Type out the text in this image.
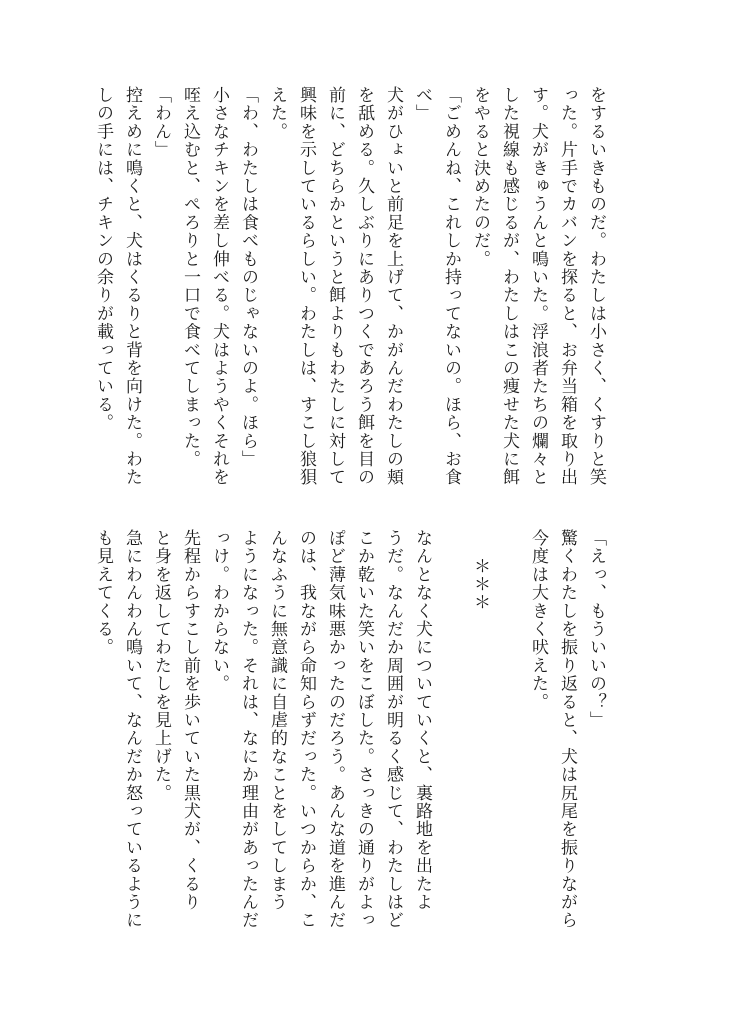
をするいきものだ。わたしは小さく、くすりと笑
った。片手でカバンを探ると、お弁当箱を取り出
す。犬がきゅうんと鳴いた。浮浪者たちの爛々と
した視線も感じるが、わたしはこの痩せた犬に餌
をやると決めたのだ。
「ごめんね、これしか持ってないの。ほら、お食
べ」
犬がひょいと前足を上げて、かがんだわたしの頬
を舐める。久しぶりにありつくであろう餌を目の
前に、どちらかというと餌よりもわたしに対して
興味を示しているらしい。わたしは、すこし狼狽
えた。
「わ、わたしは食べものじゃないのよ。ほら」
小さなチキンを差し伸べる。犬はようやくそれを
咥え込むと、ぺろりと一口で食べてしまった。
「わん」
控えめに鳴くと、犬はくるりと背を向けた。わた
しの手には、チキンの余りが載っている。
「えっ、もういいの？」
驚くわたしを振り返ると、犬は尻尾を振りながら
今度は大きく吠えた。

＊＊＊

なんとなく犬についていくと、裏路地を出たよ
うだ。なんだか周囲が明るく感じて、わたしはど
こか乾いた笑いをこぼした。さっきの通りがよっ
ぽど薄気味悪かったのだろう。あんな道を進んだ
のは、我ながら命知らずだった。いつからか、こ
んなふうに無意識に自虐的なことをしてしまう
ようになった。それは、なにか理由があったんだ
っけ。わからない。
先程からすこし前を歩いていた黒犬が、くるり
と身を返してわたしを見上げた。
急にわんわん鳴いて、なんだか怒っているように
も見えてくる。
